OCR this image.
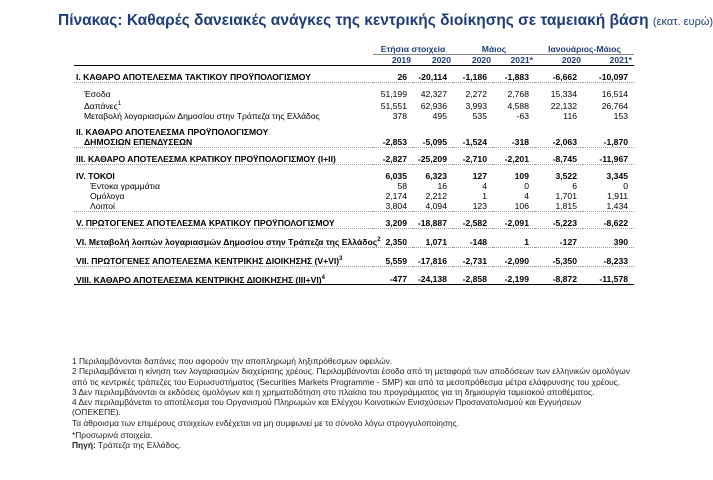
Πίνακας: Καθαρές δανειακές ανάγκες της κεντρικής διοίκησης σε ταμειακή βάση (εκατ. ευρώ)
	Ετήσια στοιχεία		Μάιος		Ιανουάριος-Μάιος	
	2019	2020	2020	2021*	2020	2021*

I. ΚΑΘΑΡΟ ΑΠΟΤΕΛΕΣΜΑ ΤΑΚΤΙΚΟΥ ΠΡΟΫΠΟΛΟΓΙΣΜΟΥ	26	-20,114	-1,186	-1,883	-6,662	-10,097

Έσοδα	51,199	42,327	2,272	2,768	15,334	16,514
Δαπάνες$^1$	51,551	62,936	3,993	4,588	22,132	26,764
Μεταβολή λογαριασμών Δημοσίου στην Τράπεζα της Ελλάδος	378	495	535	-63	116	153

II. ΚΑΘΑΡΟ ΑΠΟΤΕΛΕΣΜΑ ΠΡΟΫΠΟΛΟΓΙΣΜΟΥ						
ΔΗΜΟΣΙΩΝ ΕΠΕΝΔΥΣΕΩΝ	-2,853	-5,095	-1,524	-318	-2,063	-1,870

III. ΚΑΘΑΡΟ ΑΠΟΤΕΛΕΣΜΑ ΚΡΑΤΙΚΟΥ ΠΡΟΫΠΟΛΟΓΙΣΜΟΥ (I+II)	-2,827	-25,209	-2,710	-2,201	-8,745	-11,967

IV. ΤΟΚΟΙ	6,035	6,323	127	109	3,522	3,345
Έντοκα γραμμάτια	58	16	4	0	6	0
Ομόλογα	2,174	2,212	1	4	1,701	1,911
Λοιποί	3,804	4,094	123	106	1,815	1,434

V. ΠΡΩΤΟΓΕΝΕΣ ΑΠΟΤΕΛΕΣΜΑ ΚΡΑΤΙΚΟΥ ΠΡΟΫΠΟΛΟΓΙΣΜΟΥ	3,209	-18,887	-2,582	-2,091	-5,223	-8,622

VI. Μεταβολή λοιπών λογαριασμών Δημοσίου στην Τράπεζα της Ελλάδος$^2$	2,350	1,071	-148	1	-127	390

VII. ΠΡΩΤΟΓΕΝΕΣ ΑΠΟΤΕΛΕΣΜΑ ΚΕΝΤΡΙΚΗΣ ΔΙΟΙΚΗΣΗΣ $(V+VI)^3$	5,559	-17,816	-2,731	-2,090	-5,350	-8,233

VIII. ΚΑΘΑΡΟ ΑΠΟΤΕΛΕΣΜΑ ΚΕΝΤΡΙΚΗΣ ΔΙΟΙΚΗΣΗΣ $(III+VI)^4$	-477	-24,138	-2,858	-2,199	-8,872	-11,578

1 Περιλαμβάνονται δαπάνες που αφορούν την αποπληρωμή ληξιπρόθεσμων οφειλών.

2 Περιλαμβάνεται η κίνηση των λογαριασμών διαχείρισης χρέους. Περιλαμβάνονται έσοδα από τη μεταφορά των αποδόσεων των ελληνικών ομολόγων από τις κεντρικές τράπεζες του Ευρωσυστήματος (Securities Markets Programme - SMP) και από τα μεσοπρόθεσμα μέτρα ελάφρυνσης του χρέους.

3 Δεν περιλαμβάνονται οι εκδόσεις ομολόγων και η χρηματοδότηση στο πλαίσιο του προγράμματος για τη δημιουργία ταμειακού αποθέματος.

4 Δεν περιλαμβάνεται το αποτέλεσμα του Οργανισμού Πληρωμών και Ελέγχου Κοινοτικών Ενισχύσεων Προσανατολισμού και Εγγυήσεων (ΟΠΕΚΕΠΕ).

Τα άθροισμα των επιμέρους στοιχείων ενδέχεται να μη συμφωνεί με το σύνολο λόγω στρογγυλοποίησης.

*Προσωρινά στοιχεία.

Πηγή: Τράπεζα της Ελλάδος.
